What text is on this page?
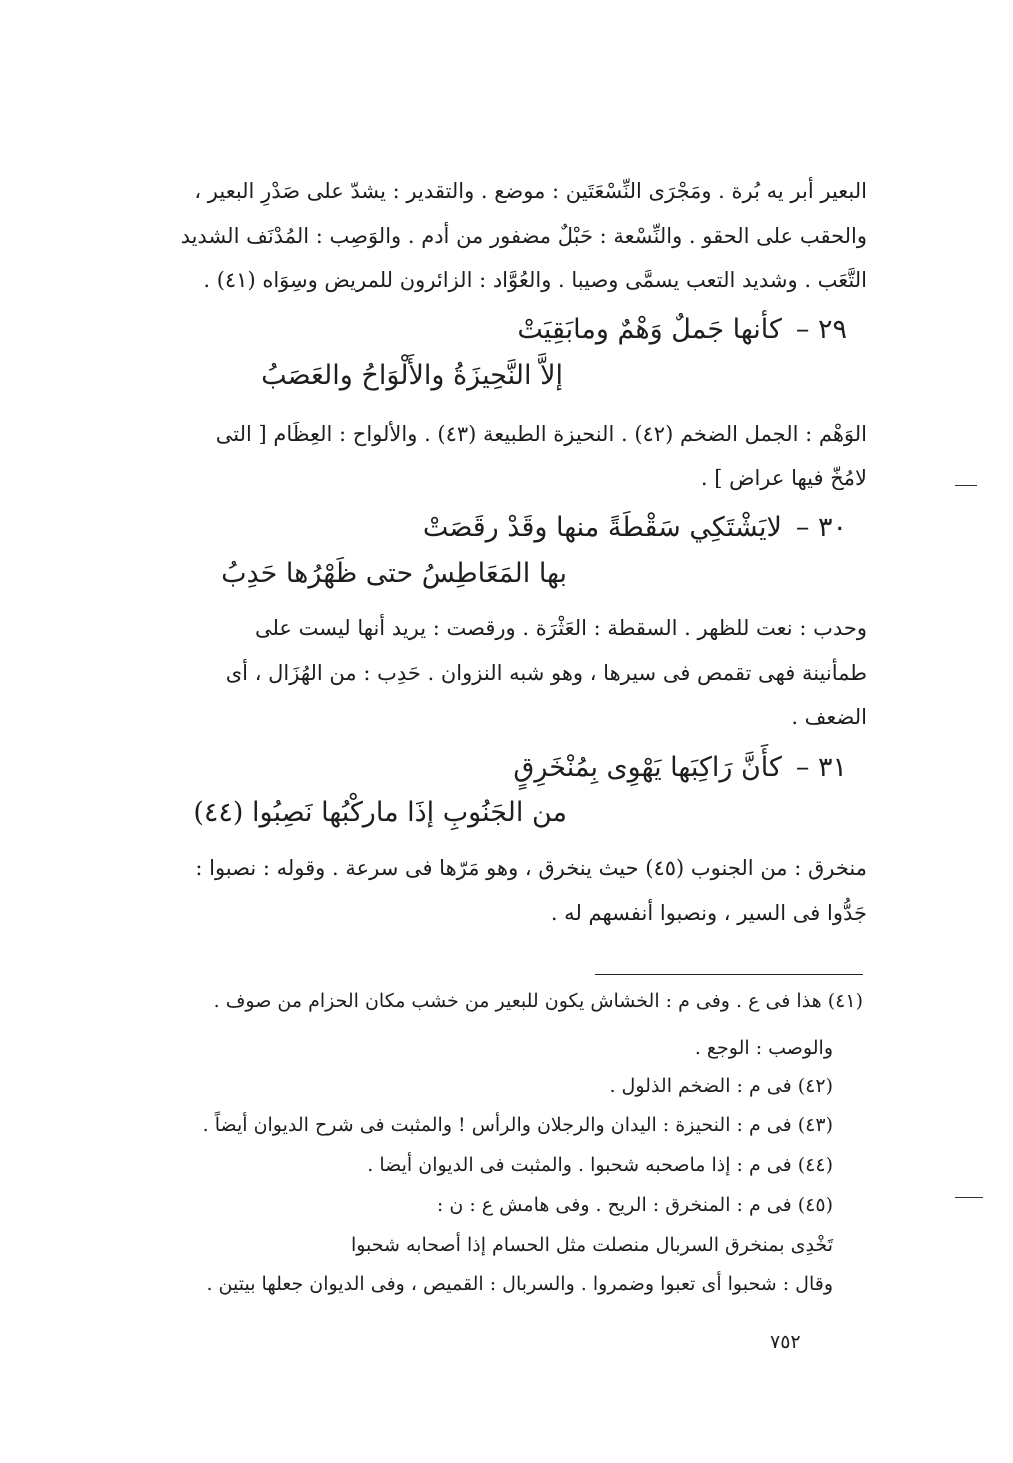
البعير أبر يه بُرة . ومَجْرَى النِّسْعَتَين : موضع . والتقدير : يشدّ على صَدْرِ البعير ،
والحقب على الحقو . والنِّسْعة : حَبْلٌ مضفور من أدم . والوَصِب : المُدْنَف الشديد
التَّعَب . وشديد التعب يسمَّى وصيبا . والعُوَّاد : الزائرون للمريض وسِوَاه (٤١) .
٢٩ –كأنها جَملٌ وَهْمٌ ومابَقِيَتْ
إلاَّ النَّحِيزَةُ والأَلْوَاحُ والعَصَبُ
الوَهْم : الجمل الضخم (٤٢) . النحيزة الطبيعة (٤٣) . والألواح : العِظَام [ التى
لامُخّ فيها عراض ] .
٣٠ –لايَشْتَكِي سَقْطَةً منها وقَدْ رقَصَتْ
بها المَعَاطِسُ حتى ظَهْرُها حَدِبُ
وحدب : نعت للظهر . السقطة : العَثْرَة . ورقصت : يريد أنها ليست على
طمأنينة فهى تقمص فى سيرها ، وهو شبه النزوان . حَدِب : من الهُزَال ، أى
الضعف .
٣١ –كأَنَّ رَاكِبَها يَهْوِى بِمُنْخَرِقٍ
من الجَنُوبِ إذَا ماركْبُها نَصِبُوا (٤٤)
منخرق : من الجنوب (٤٥) حيث ينخرق ، وهو مَرّها فى سرعة . وقوله : نصبوا :
جَدُّوا فى السير ، ونصبوا أنفسهم له .
(٤١) هذا فى ع . وفى م : الخشاش يكون للبعير من خشب مكان الحزام من صوف .
والوصب : الوجع .
(٤٢) فى م : الضخم الذلول .
(٤٣) فى م : النحيزة : اليدان والرجلان والرأس ! والمثبت فى شرح الديوان أيضاً .
(٤٤) فى م : إذا ماصحبه شحبوا . والمثبت فى الديوان أيضا .
(٤٥) فى م : المنخرق : الريح . وفى هامش ع : ن :
تَخْدِى بمنخرق السربال منصلت مثل الحسام إذا أصحابه شحبوا
وقال : شحبوا أى تعبوا وضمروا . والسربال : القميص ، وفى الديوان جعلها بيتين .
٧٥٢
